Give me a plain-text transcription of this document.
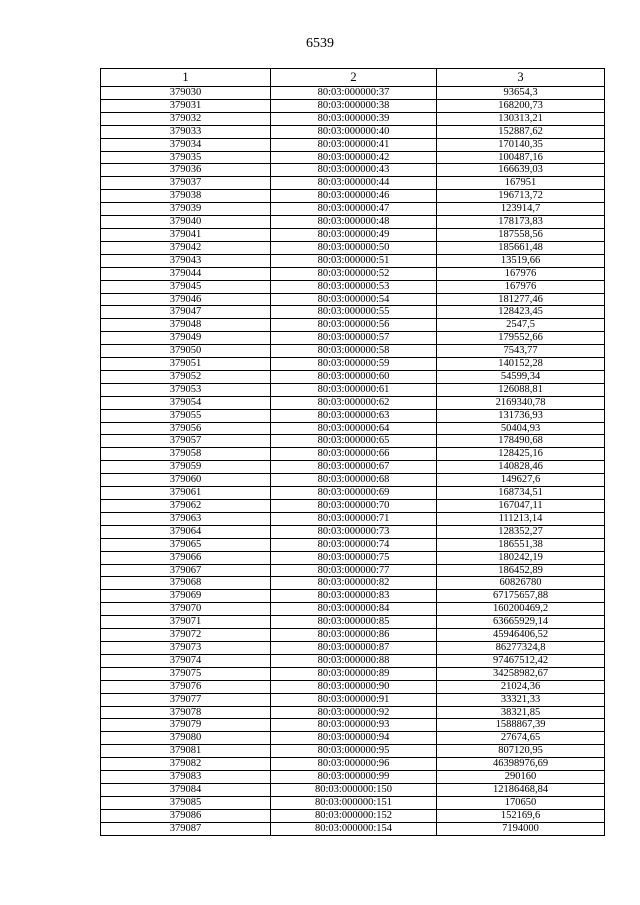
6539
1	2	3
379030	80:03:000000:37	93654,3
379031	80:03:000000:38	168200,73
379032	80:03:000000:39	130313,21
379033	80:03:000000:40	152887,62
379034	80:03:000000:41	170140,35
379035	80:03:000000:42	100487,16
379036	80:03:000000:43	166639,03
379037	80:03:000000:44	167951
379038	80:03:000000:46	196713,72
379039	80:03:000000:47	123914,7
379040	80:03:000000:48	178173,83
379041	80:03:000000:49	187558,56
379042	80:03:000000:50	185661,48
379043	80:03:000000:51	13519,66
379044	80:03:000000:52	167976
379045	80:03:000000:53	167976
379046	80:03:000000:54	181277,46
379047	80:03:000000:55	128423,45
379048	80:03:000000:56	2547,5
379049	80:03:000000:57	179552,66
379050	80:03:000000:58	7543,77
379051	80:03:000000:59	140152,28
379052	80:03:000000:60	54599,34
379053	80:03:000000:61	126088,81
379054	80:03:000000:62	2169340,78
379055	80:03:000000:63	131736,93
379056	80:03:000000:64	50404,93
379057	80:03:000000:65	178490,68
379058	80:03:000000:66	128425,16
379059	80:03:000000:67	140828,46
379060	80:03:000000:68	149627,6
379061	80:03:000000:69	168734,51
379062	80:03:000000:70	167047,11
379063	80:03:000000:71	111213,14
379064	80:03:000000:73	128352,27
379065	80:03:000000:74	186551,38
379066	80:03:000000:75	180242,19
379067	80:03:000000:77	186452,89
379068	80:03:000000:82	60826780
379069	80:03:000000:83	67175657,88
379070	80:03:000000:84	160200469,2
379071	80:03:000000:85	63665929,14
379072	80:03:000000:86	45946406,52
379073	80:03:000000:87	86277324,8
379074	80:03:000000:88	97467512,42
379075	80:03:000000:89	34258982,67
379076	80:03:000000:90	21024,36
379077	80:03:000000:91	33321,33
379078	80:03:000000:92	38321,85
379079	80:03:000000:93	1588867,39
379080	80:03:000000:94	27674,65
379081	80:03:000000:95	807120,95
379082	80:03:000000:96	46398976,69
379083	80:03:000000:99	290160
379084	80:03:000000:150	12186468,84
379085	80:03:000000:151	170650
379086	80:03:000000:152	152169,6
379087	80:03:000000:154	7194000
